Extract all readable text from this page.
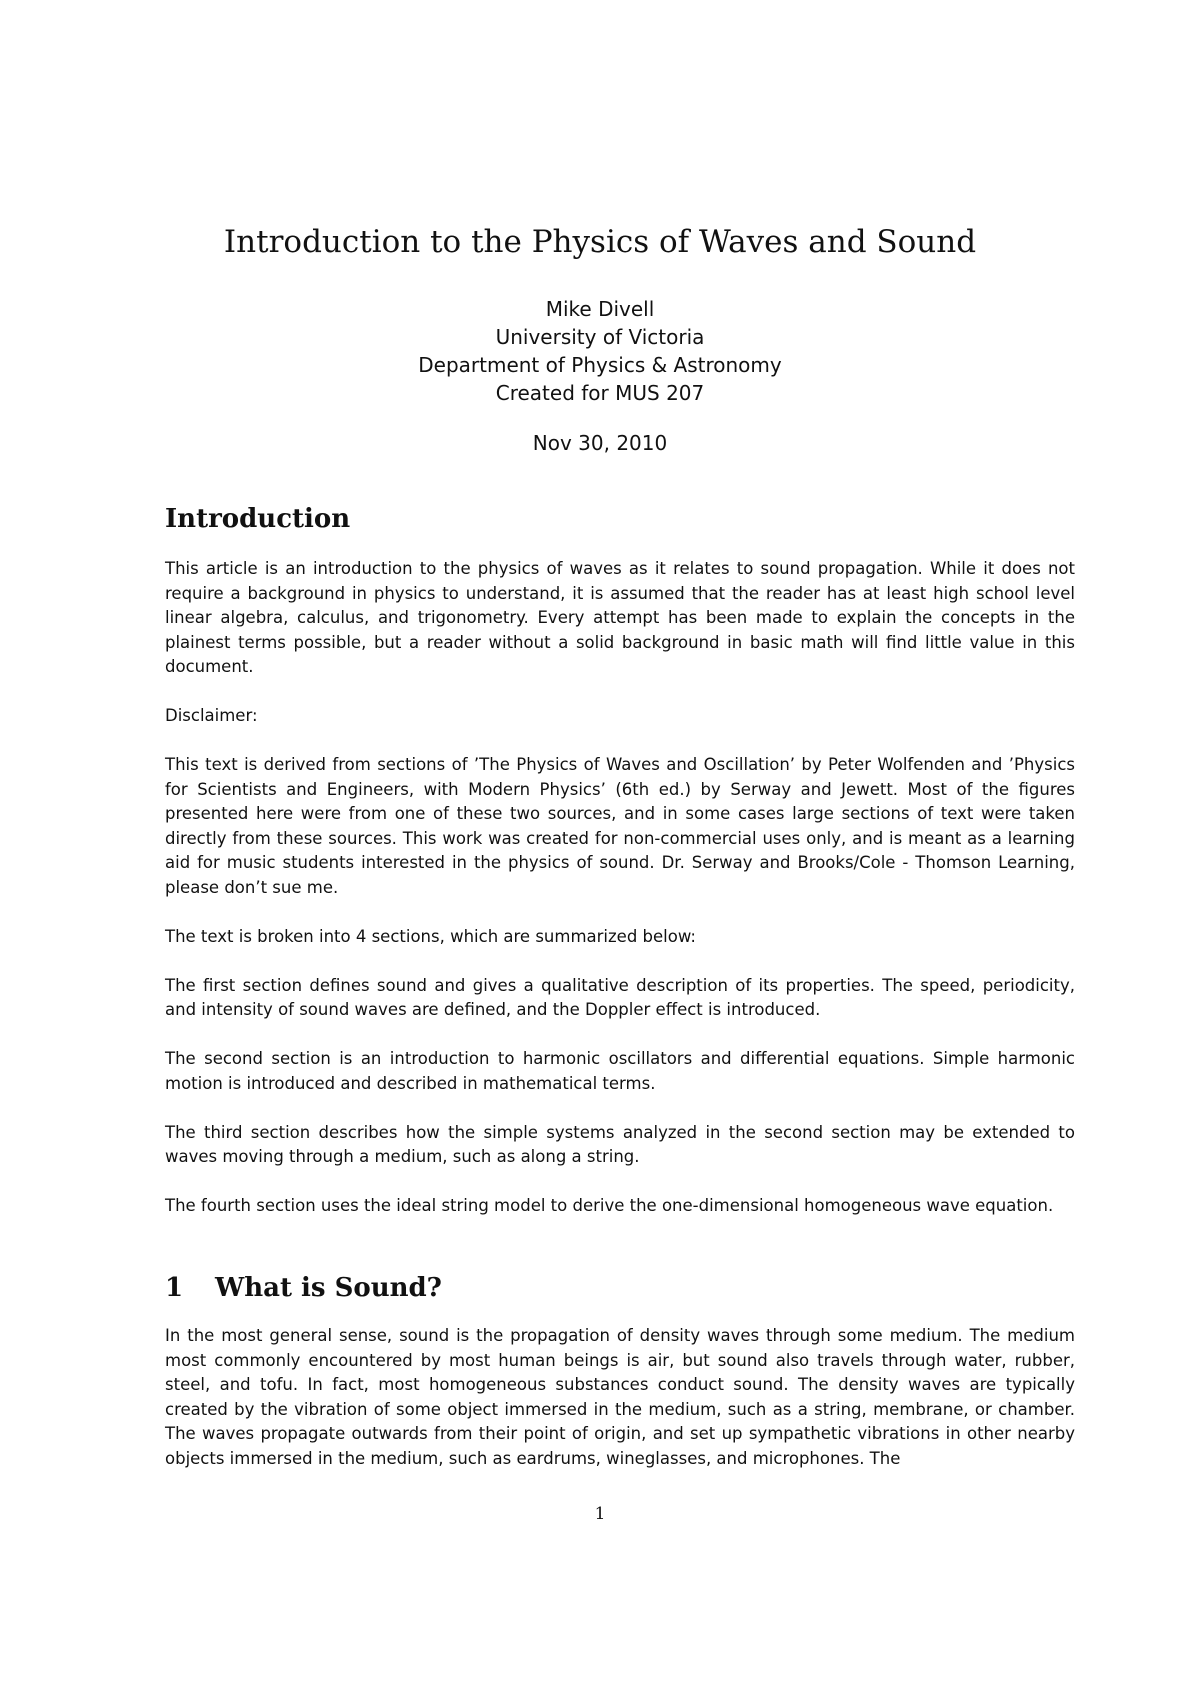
Introduction to the Physics of Waves and Sound
Mike Divell
University of Victoria
Department of Physics & Astronomy
Created for MUS 207
Nov 30, 2010
Introduction

This article is an introduction to the physics of waves as it relates to sound propagation. While it does not require a background in physics to understand, it is assumed that the reader has at least high school level linear algebra, calculus, and trigonometry. Every attempt has been made to explain the concepts in the plainest terms possible, but a reader without a solid background in basic math will find little value in this document.

Disclaimer:

This text is derived from sections of ’The Physics of Waves and Oscillation’ by Peter Wolfenden and ’Physics for Scientists and Engineers, with Modern Physics’ (6th ed.) by Serway and Jewett. Most of the figures presented here were from one of these two sources, and in some cases large sections of text were taken directly from these sources. This work was created for non-commercial uses only, and is meant as a learning aid for music students interested in the physics of sound. Dr. Serway and Brooks/Cole - Thomson Learning, please don’t sue me.

The text is broken into 4 sections, which are summarized below:

The first section defines sound and gives a qualitative description of its properties. The speed, periodicity, and intensity of sound waves are defined, and the Doppler effect is introduced.

The second section is an introduction to harmonic oscillators and differential equations. Simple harmonic motion is introduced and described in mathematical terms.

The third section describes how the simple systems analyzed in the second section may be extended to waves moving through a medium, such as along a string.

The fourth section uses the ideal string model to derive the one-dimensional homogeneous wave equation.

1 What is Sound?

In the most general sense, sound is the propagation of density waves through some medium. The medium most commonly encountered by most human beings is air, but sound also travels through water, rubber, steel, and tofu. In fact, most homogeneous substances conduct sound. The density waves are typically created by the vibration of some object immersed in the medium, such as a string, membrane, or chamber. The waves propagate outwards from their point of origin, and set up sympathetic vibrations in other nearby objects immersed in the medium, such as eardrums, wineglasses, and microphones. The

1
